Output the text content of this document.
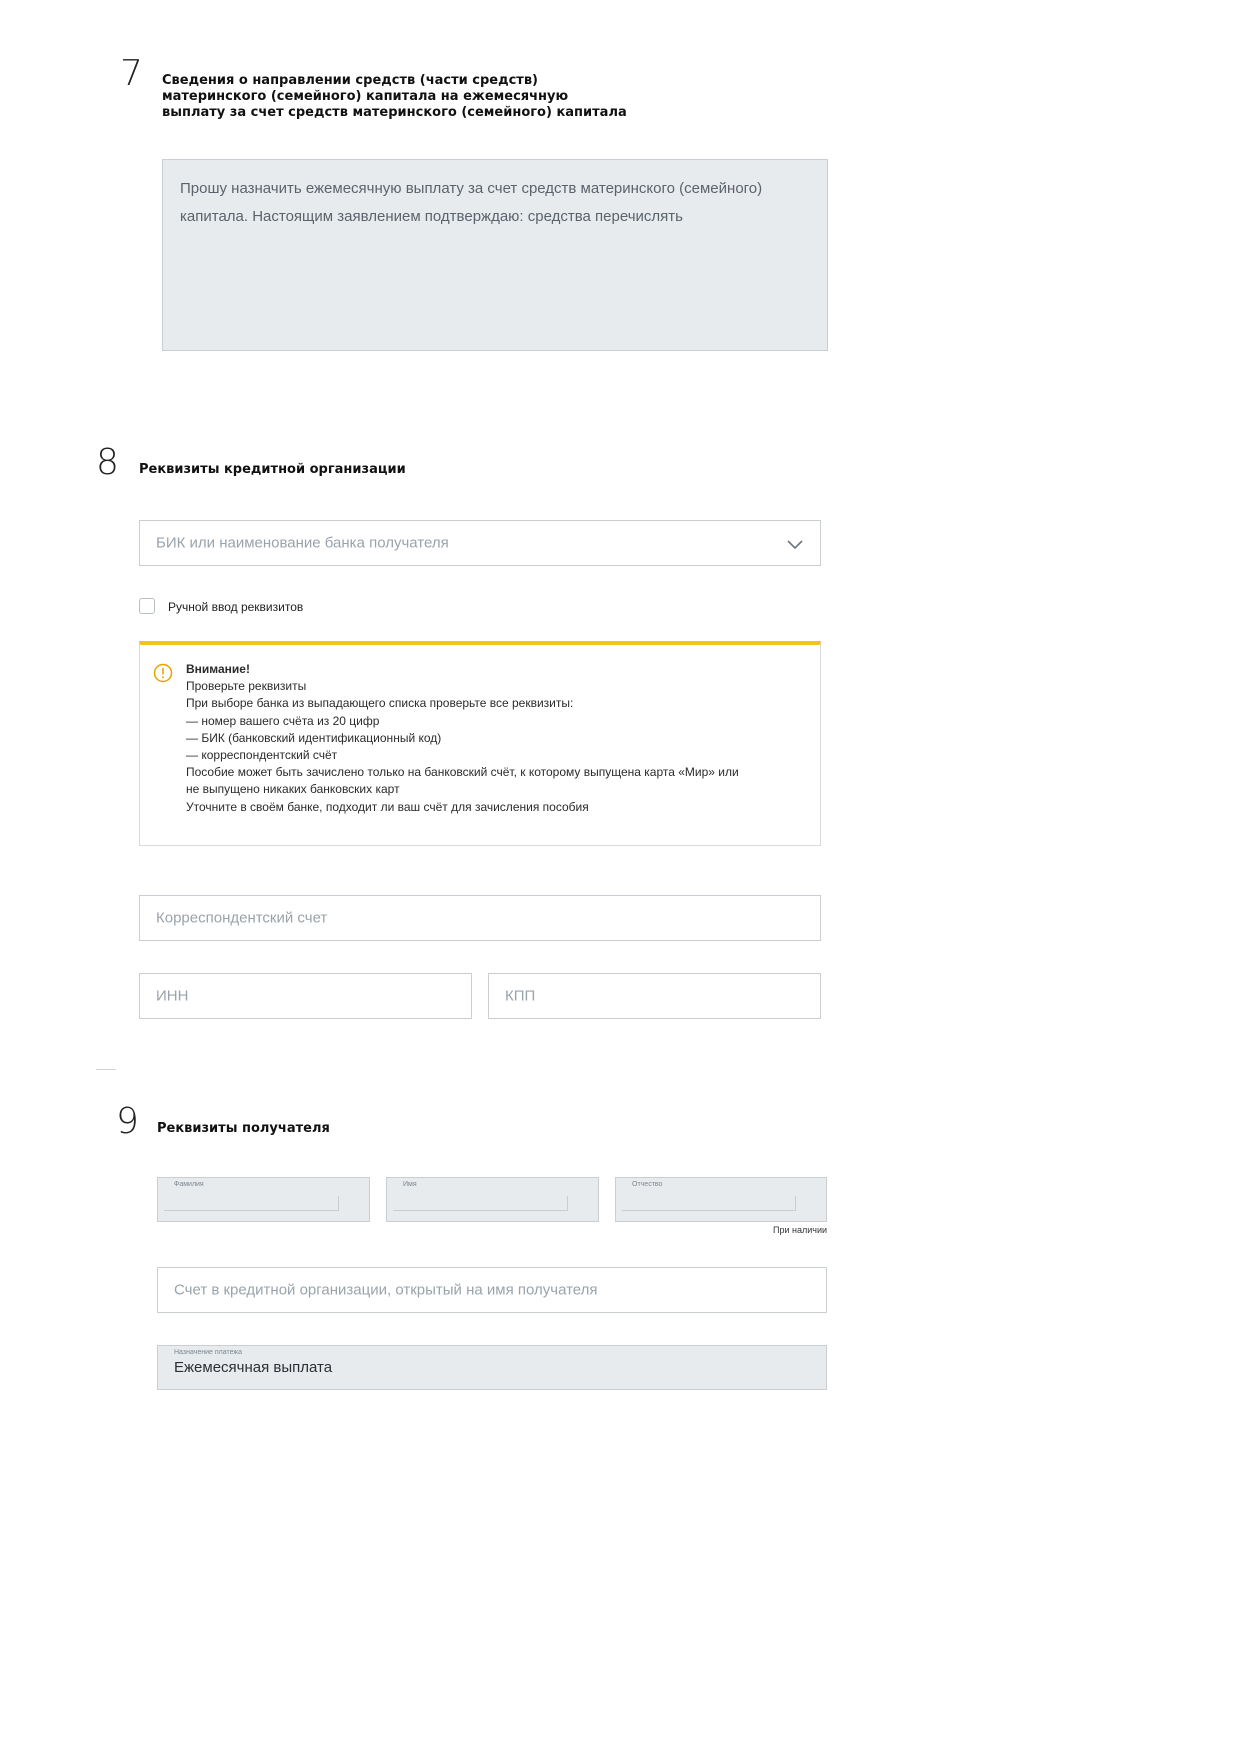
7 Сведения о направлении средств (части средств)
материнского (семейного) капитала на ежемесячную
выплату за счет средств материнского (семейного) капитала
Прошу назначить ежемесячную выплату за счет средств материнского (семейного)
капитала. Настоящим заявлением подтверждаю: средства перечислять
8 Реквизиты кредитной организации
БИК или наименование банка получателя
Ручной ввод реквизитов
Внимание!
Проверьте реквизиты
При выборе банка из выпадающего списка проверьте все реквизиты:
— номер вашего счёта из 20 цифр
— БИК (банковский идентификационный код)
— корреспондентский счёт
Пособие может быть зачислено только на банковский счёт, к которому выпущена карта «Мир» или
не выпущено никаких банковских карт
Уточните в своём банке, подходит ли ваш счёт для зачисления пособия
Корреспондентский счет
ИНН	КПП
9 Реквизиты получателя
Фамилия	Имя	Отчество
При наличии
Счет в кредитной организации, открытый на имя получателя
Назначение платежа
Ежемесячная выплата
